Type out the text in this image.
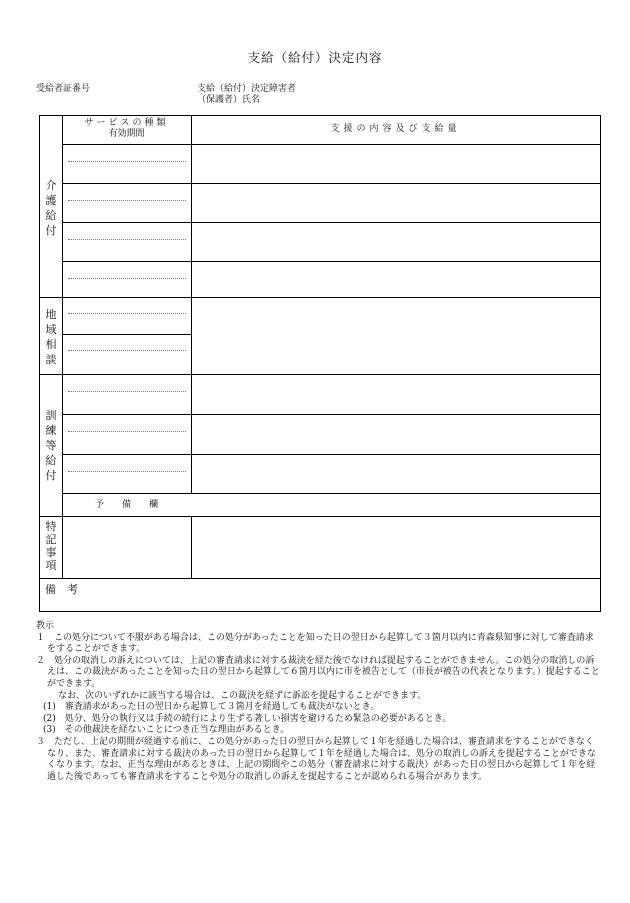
支給（給付）決定内容
受給者証番号	支給（給付）決定障害者
（保護者）氏名
サービスの種類
有効期間	支援の内容及び支給量
予　　備　　欄
介
護
給
付
地
域
相
談
訓
練
等
給
付
特
記
事
項
備　考

教示

１　この処分について不服がある場合は、この処分があったことを知った日の翌日から起算して３箇月以内に青森県知事に対して審査請求をすることができます。

２　処分の取消しの訴えについては、上記の審査請求に対する裁決を経た後でなければ提起することができません。この処分の取消しの訴えは、この裁決があったことを知った日の翌日から起算して６箇月以内に市を被告として（市長が被告の代表となります。）提起することができます。

なお、次のいずれかに該当する場合は、この裁決を経ずに訴訟を提起することができます。

(1)　審査請求があった日の翌日から起算して３箇月を経過しても裁決がないとき。

(2)　処分、処分の執行又は手続の続行により生ずる著しい損害を避けるため緊急の必要があるとき。

(3)　その他裁決を経ないことにつき正当な理由があるとき。

３　ただし、上記の期間が経過する前に、この処分があった日の翌日から起算して１年を経過した場合は、審査請求をすることができなくなり、また、審査請求に対する裁決のあった日の翌日から起算して１年を経過した場合は、処分の取消しの訴えを提起することができなくなります。なお、正当な理由があるときは、上記の期間やこの処分（審査請求に対する裁決）があった日の翌日から起算して１年を経過した後であっても審査請求をすることや処分の取消しの訴えを提起することが認められる場合があります。
